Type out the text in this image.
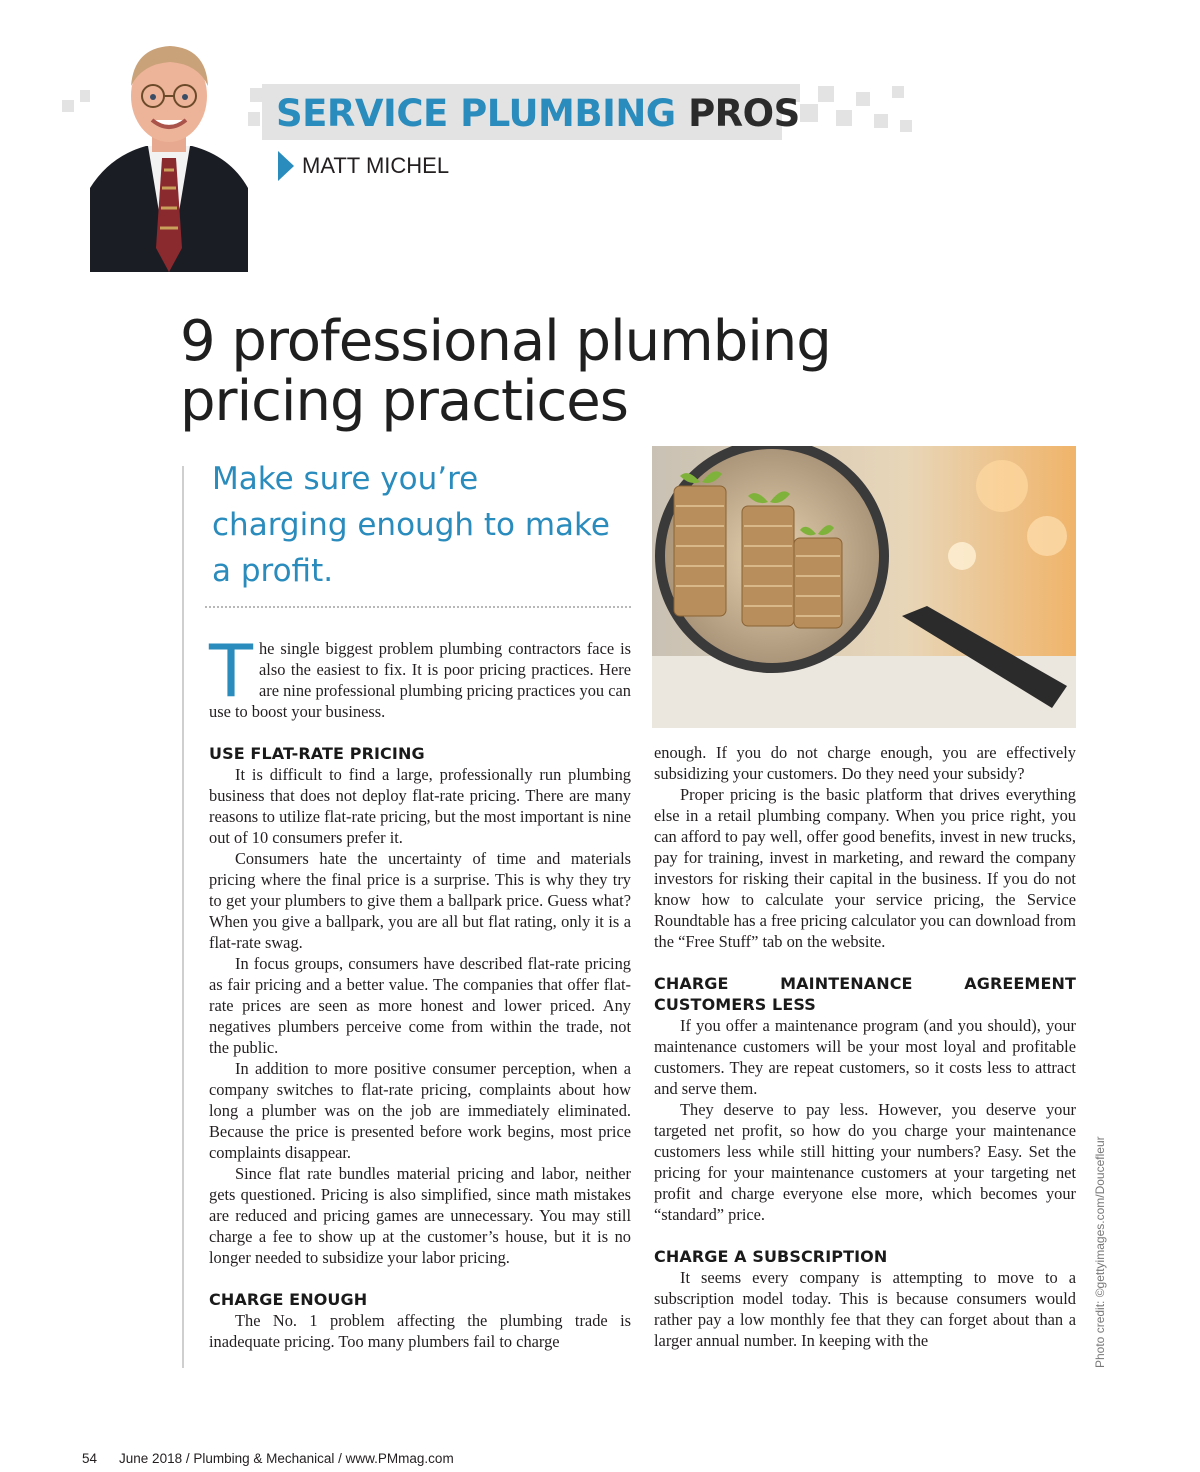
SERVICE PLUMBING PROS

MATT MICHEL

9 professional plumbing pricing practices

Make sure you’re charging enough to make a profit.

The single biggest problem plumbing contractors face is also the easiest to fix. It is poor pricing practices. Here are nine professional plumbing pricing practices you can use to boost your business.

USE FLAT-RATE PRICING

It is difficult to find a large, professionally run plumbing business that does not deploy flat-rate pricing. There are many reasons to utilize flat-rate pricing, but the most important is nine out of 10 consumers prefer it.

Consumers hate the uncertainty of time and materials pricing where the final price is a surprise. This is why they try to get your plumbers to give them a ballpark price. Guess what? When you give a ballpark, you are all but flat rating, only it is a flat-rate swag.

In focus groups, consumers have described flat-rate pricing as fair pricing and a better value. The companies that offer flat-rate prices are seen as more honest and lower priced. Any negatives plumbers perceive come from within the trade, not the public.

In addition to more positive consumer perception, when a company switches to flat-rate pricing, complaints about how long a plumber was on the job are immediately eliminated. Because the price is presented before work begins, most price complaints disappear.

Since flat rate bundles material pricing and labor, neither gets questioned. Pricing is also simplified, since math mistakes are reduced and pricing games are unnecessary. You may still charge a fee to show up at the customer’s house, but it is no longer needed to subsidize your labor pricing.

CHARGE ENOUGH

The No. 1 problem affecting the plumbing trade is inadequate pricing. Too many plumbers fail to charge

enough. If you do not charge enough, you are effectively subsidizing your customers. Do they need your subsidy?

Proper pricing is the basic platform that drives everything else in a retail plumbing company. When you price right, you can afford to pay well, offer good benefits, invest in new trucks, pay for training, invest in marketing, and reward the company investors for risking their capital in the business. If you do not know how to calculate your service pricing, the Service Roundtable has a free pricing calculator you can download from the “Free Stuff” tab on the website.

CHARGE MAINTENANCE AGREEMENT CUSTOMERS LESS

If you offer a maintenance program (and you should), your maintenance customers will be your most loyal and profitable customers. They are repeat customers, so it costs less to attract and serve them.

They deserve to pay less. However, you deserve your targeted net profit, so how do you charge your maintenance customers less while still hitting your numbers? Easy. Set the pricing for your maintenance customers at your targeting net profit and charge everyone else more, which becomes your “standard” price.

CHARGE A SUBSCRIPTION

It seems every company is attempting to move to a subscription model today. This is because consumers would rather pay a low monthly fee that they can forget about than a larger annual number. In keeping with the	Photo credit: ©gettyimages.com/Doucefleur
54 June 2018 / Plumbing & Mechanical / www.PMmag.com
